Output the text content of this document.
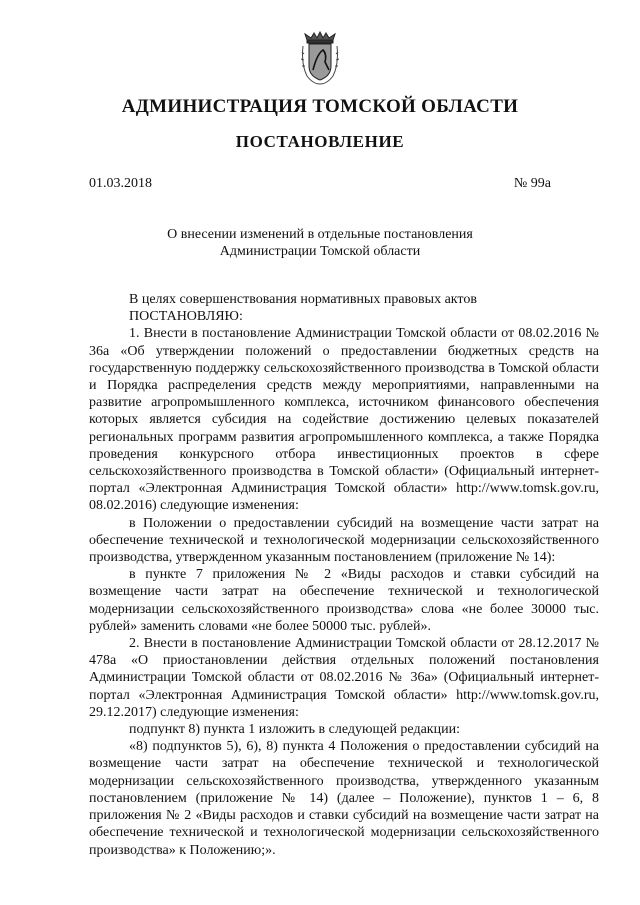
АДМИНИСТРАЦИЯ ТОМСКОЙ ОБЛАСТИ
ПОСТАНОВЛЕНИЕ
01.03.2018	№ 99а
О внесении изменений в отдельные постановления
Администрации Томской области

В целях совершенствования нормативных правовых актов

ПОСТАНОВЛЯЮ:

1. Внести в постановление Администрации Томской области от 08.02.2016 № 36а «Об утверждении положений о предоставлении бюджетных средств на государственную поддержку сельскохозяйственного производства в Томской области и Порядка распределения средств между мероприятиями, направленными на развитие агропромышленного комплекса, источником финансового обеспечения которых является субсидия на содействие достижению целевых показателей региональных программ развития агропромышленного комплекса, а также Порядка проведения конкурсного отбора инвестиционных проектов в сфере сельскохозяйственного производства в Томской области» (Официальный интернет-портал «Электронная Администрация Томской области» http://www.tomsk.gov.ru, 08.02.2016) следующие изменения:

в Положении о предоставлении субсидий на возмещение части затрат на обеспечение технической и технологической модернизации сельскохозяйственного производства, утвержденном указанным постановлением (приложение № 14):

в пункте 7 приложения № 2 «Виды расходов и ставки субсидий на возмещение части затрат на обеспечение технической и технологической модернизации сельскохозяйственного производства» слова «не более 30000 тыс. рублей» заменить словами «не более 50000 тыс. рублей».

2. Внести в постановление Администрации Томской области от 28.12.2017 № 478а «О приостановлении действия отдельных положений постановления Администрации Томской области от 08.02.2016 № 36а» (Официальный интернет-портал «Электронная Администрация Томской области» http://www.tomsk.gov.ru, 29.12.2017) следующие изменения:

подпункт 8) пункта 1 изложить в следующей редакции:

«8) подпунктов 5), 6), 8) пункта 4 Положения о предоставлении субсидий на возмещение части затрат на обеспечение технической и технологической модернизации сельскохозяйственного производства, утвержденного указанным постановлением (приложение № 14) (далее – Положение), пунктов 1 – 6, 8 приложения № 2 «Виды расходов и ставки субсидий на возмещение части затрат на обеспечение технической и технологической модернизации сельскохозяйственного производства» к Положению;».
